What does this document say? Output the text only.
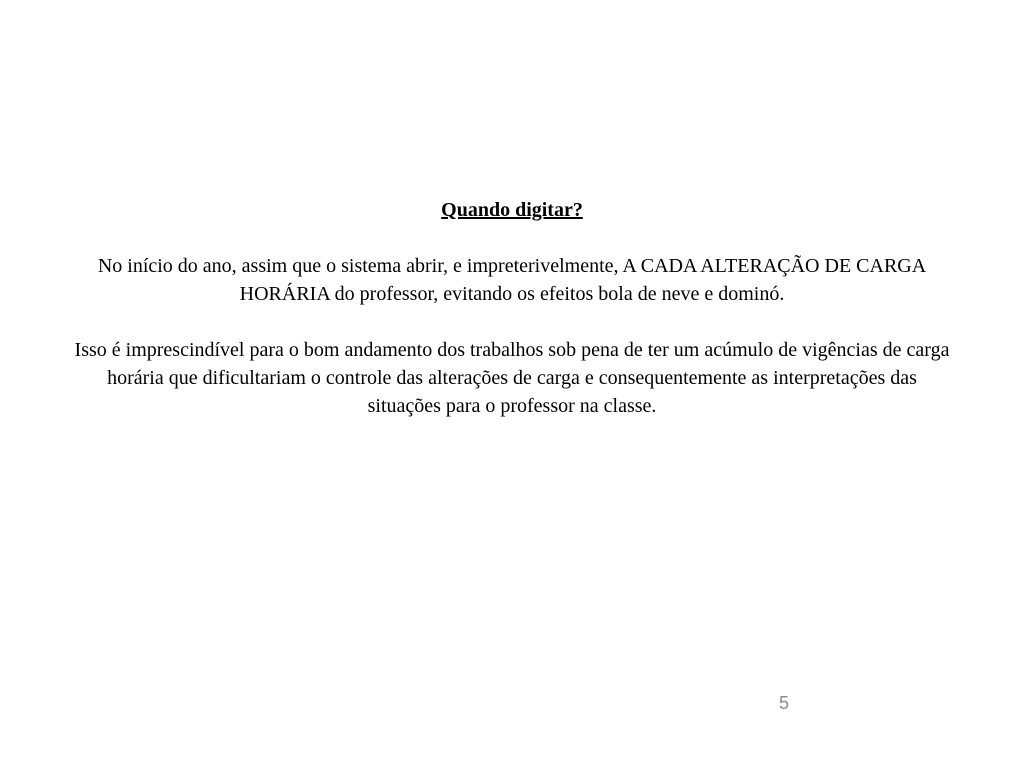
Quando digitar?

No início do ano, assim que o sistema abrir, e impreterivelmente, A CADA ALTERAÇÃO DE CARGA HORÁRIA do professor, evitando os efeitos bola de neve e dominó.

Isso é imprescindível para o bom andamento dos trabalhos sob pena de ter um acúmulo de vigências de carga horária que dificultariam o controle das alterações de carga e consequentemente as interpretações das situações para o professor na classe.

5
